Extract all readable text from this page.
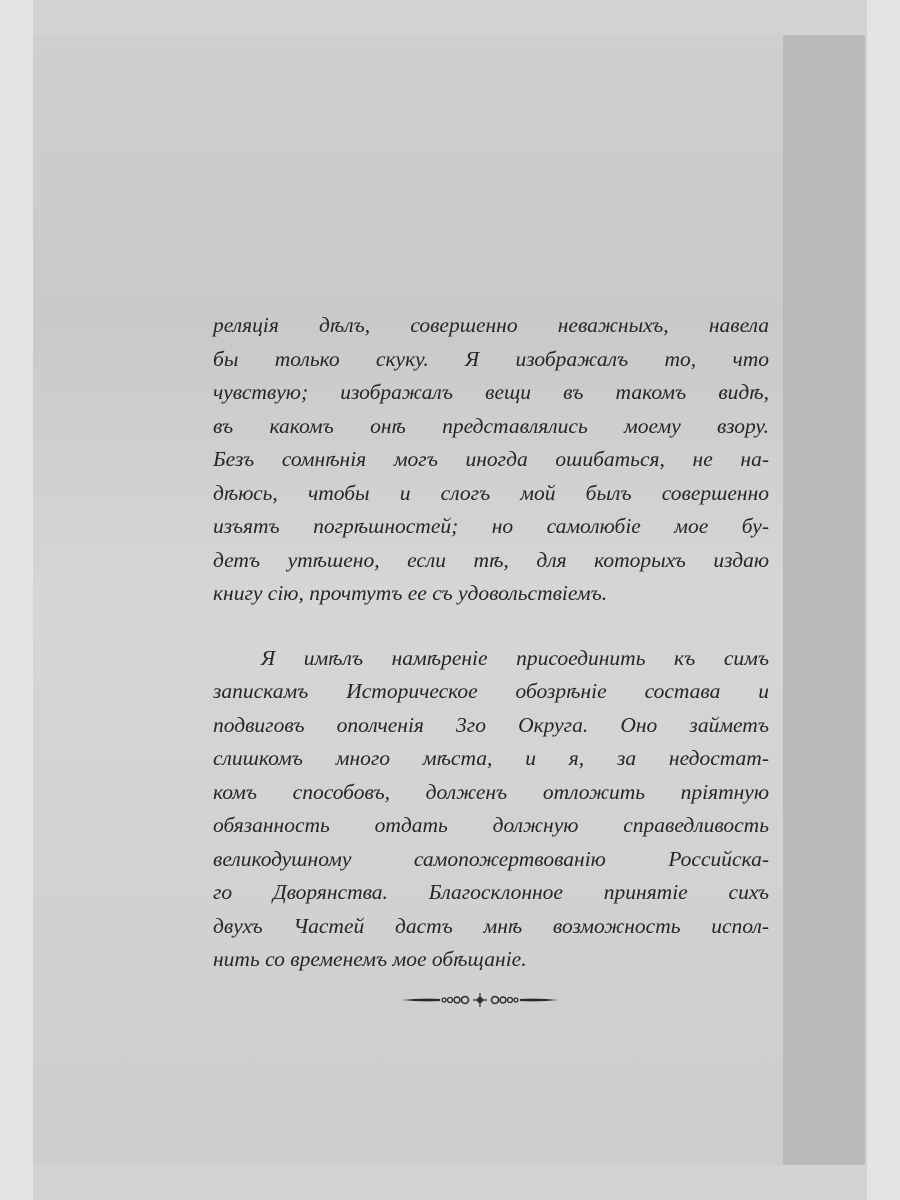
реляція дѣлъ, совершенно неважныхъ, навела
бы только скуку. Я изображалъ то, что
чувствую; изображалъ вещи въ такомъ видѣ,
въ какомъ онѣ представлялись моему взору.
Безъ сомнѣнія могъ иногда ошибаться, не на-
дѣюсь, чтобы и слогъ мой былъ совершенно
изъятъ погрѣшностей; но самолюбіе мое бу-
детъ утѣшено, если тѣ, для которыхъ издаю
книгу сію, прочтутъ ее съ удовольствіемъ.
Я имѣлъ намѣреніе присоединить къ симъ
запискамъ Историческое обозрѣніе состава и
подвиговъ ополченія 3го Округа. Оно займетъ
слишкомъ много мѣста, и я, за недостат-
комъ способовъ, долженъ отложить пріятную
обязанность отдать должную справедливость
великодушному самопожертвованію Российска-
го Дворянства. Благосклонное принятіе сихъ
двухъ Частей дастъ мнѣ возможность испол-
нить со временемъ мое обѣщаніе.
